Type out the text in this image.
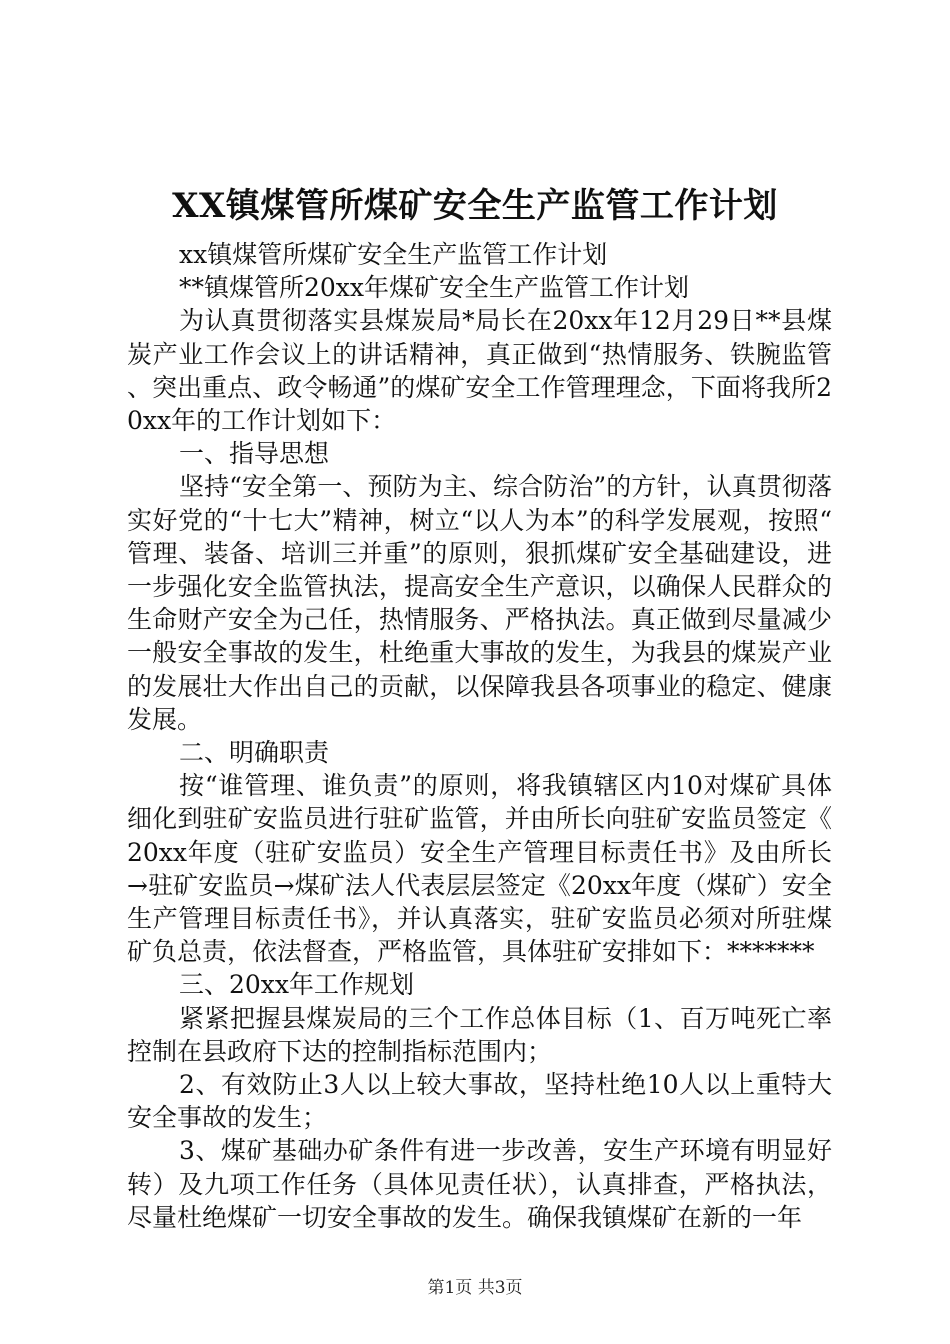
XX镇煤管所煤矿安全生产监管工作计划

xx镇煤管所煤矿安全生产监管工作计划

**镇煤管所20xx年煤矿安全生产监管工作计划

为认真贯彻落实县煤炭局*局长在20xx年12月29日**县煤炭产业工作会议上的讲话精神，真正做到“热情服务、铁腕监管、突出重点、政令畅通”的煤矿安全工作管理理念，下面将我所20xx年的工作计划如下：

一、指导思想

坚持“安全第一、预防为主、综合防治”的方针，认真贯彻落实好党的“十七大”精神，树立“以人为本”的科学发展观，按照“管理、装备、培训三并重”的原则，狠抓煤矿安全基础建设，进一步强化安全监管执法，提高安全生产意识，以确保人民群众的生命财产安全为己任，热情服务、严格执法。真正做到尽量减少一般安全事故的发生，杜绝重大事故的发生，为我县的煤炭产业的发展壮大作出自己的贡献，以保障我县各项事业的稳定、健康发展。

二、明确职责

按“谁管理、谁负责”的原则，将我镇辖区内10对煤矿具体细化到驻矿安监员进行驻矿监管，并由所长向驻矿安监员签定《20xx年度（驻矿安监员）安全生产管理目标责任书》及由所长→驻矿安监员→煤矿法人代表层层签定《20xx年度（煤矿）安全生产管理目标责任书》，并认真落实，驻矿安监员必须对所驻煤矿负总责，依法督查，严格监管，具体驻矿安排如下：*******

三、20xx年工作规划

紧紧把握县煤炭局的三个工作总体目标（1、百万吨死亡率控制在县政府下达的控制指标范围内；

2、有效防止3人以上较大事故，坚持杜绝10人以上重特大安全事故的发生；

3、煤矿基础办矿条件有进一步改善，安生产环境有明显好转）及九项工作任务（具体见责任状），认真排查，严格执法，尽量杜绝煤矿一切安全事故的发生。确保我镇煤矿在新的一年

第1页 共3页
